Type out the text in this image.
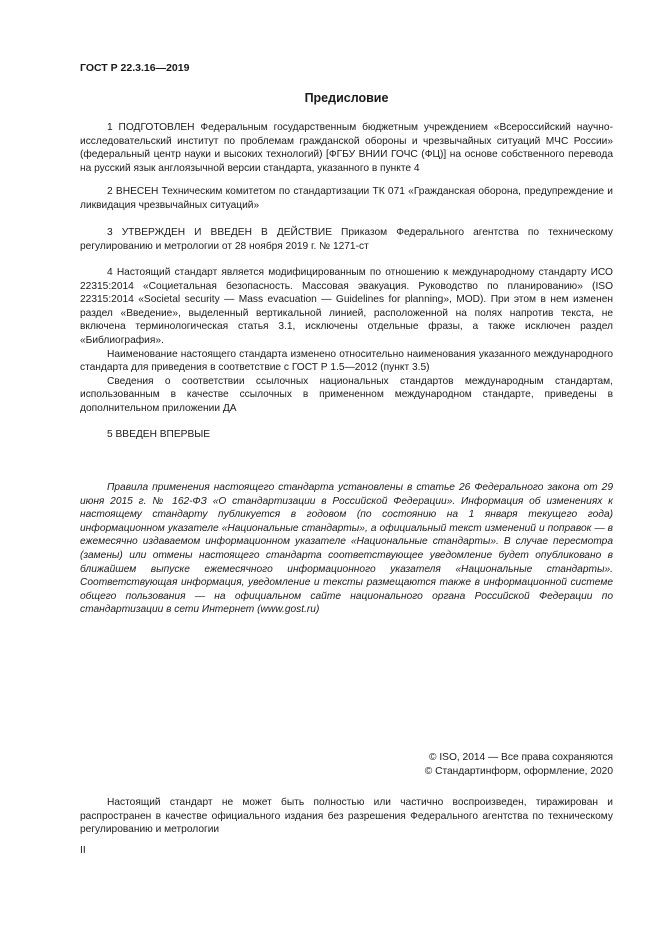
ГОСТ Р 22.3.16—2019
Предисловие

1 ПОДГОТОВЛЕН Федеральным государственным бюджетным учреждением «Всероссийский научно-исследовательский институт по проблемам гражданской обороны и чрезвычайных ситуаций МЧС России» (федеральный центр науки и высоких технологий) [ФГБУ ВНИИ ГОЧС (ФЦ)] на основе собственного перевода на русский язык англоязычной версии стандарта, указанного в пункте 4

2 ВНЕСЕН Техническим комитетом по стандартизации ТК 071 «Гражданская оборона, предупреждение и ликвидация чрезвычайных ситуаций»

3 УТВЕРЖДЕН И ВВЕДЕН В ДЕЙСТВИЕ Приказом Федерального агентства по техническому регулированию и метрологии от 28 ноября 2019 г. № 1271-ст

4 Настоящий стандарт является модифицированным по отношению к международному стандарту ИСО 22315:2014 «Социетальная безопасность. Массовая эвакуация. Руководство по планированию» (ISO 22315:2014 «Societal security — Mass evacuation — Guidelines for planning», MOD). При этом в нем изменен раздел «Введение», выделенный вертикальной линией, расположенной на полях напротив текста, не включена терминологическая статья 3.1, исключены отдельные фразы, а также исключен раздел «Библиография».

Наименование настоящего стандарта изменено относительно наименования указанного международного стандарта для приведения в соответствие с ГОСТ Р 1.5—2012 (пункт 3.5)

Сведения о соответствии ссылочных национальных стандартов международным стандартам, использованным в качестве ссылочных в примененном международном стандарте, приведены в дополнительном приложении ДА

5 ВВЕДЕН ВПЕРВЫЕ

Правила применения настоящего стандарта установлены в статье 26 Федерального закона от 29 июня 2015 г. № 162-ФЗ «О стандартизации в Российской Федерации». Информация об изменениях к настоящему стандарту публикуется в годовом (по состоянию на 1 января текущего года) информационном указателе «Национальные стандарты», а официальный текст изменений и поправок — в ежемесячно издаваемом информационном указателе «Национальные стандарты». В случае пересмотра (замены) или отмены настоящего стандарта соответствующее уведомление будет опубликовано в ближайшем выпуске ежемесячного информационного указателя «Национальные стандарты». Соответствующая информация, уведомление и тексты размещаются также в информационной системе общего пользования — на официальном сайте национального органа Российской Федерации по стандартизации в сети Интернет (www.gost.ru)

© ISO, 2014 — Все права сохраняются
© Стандартинформ, оформление, 2020

Настоящий стандарт не может быть полностью или частично воспроизведен, тиражирован и распространен в качестве официального издания без разрешения Федерального агентства по техническому регулированию и метрологии

II
